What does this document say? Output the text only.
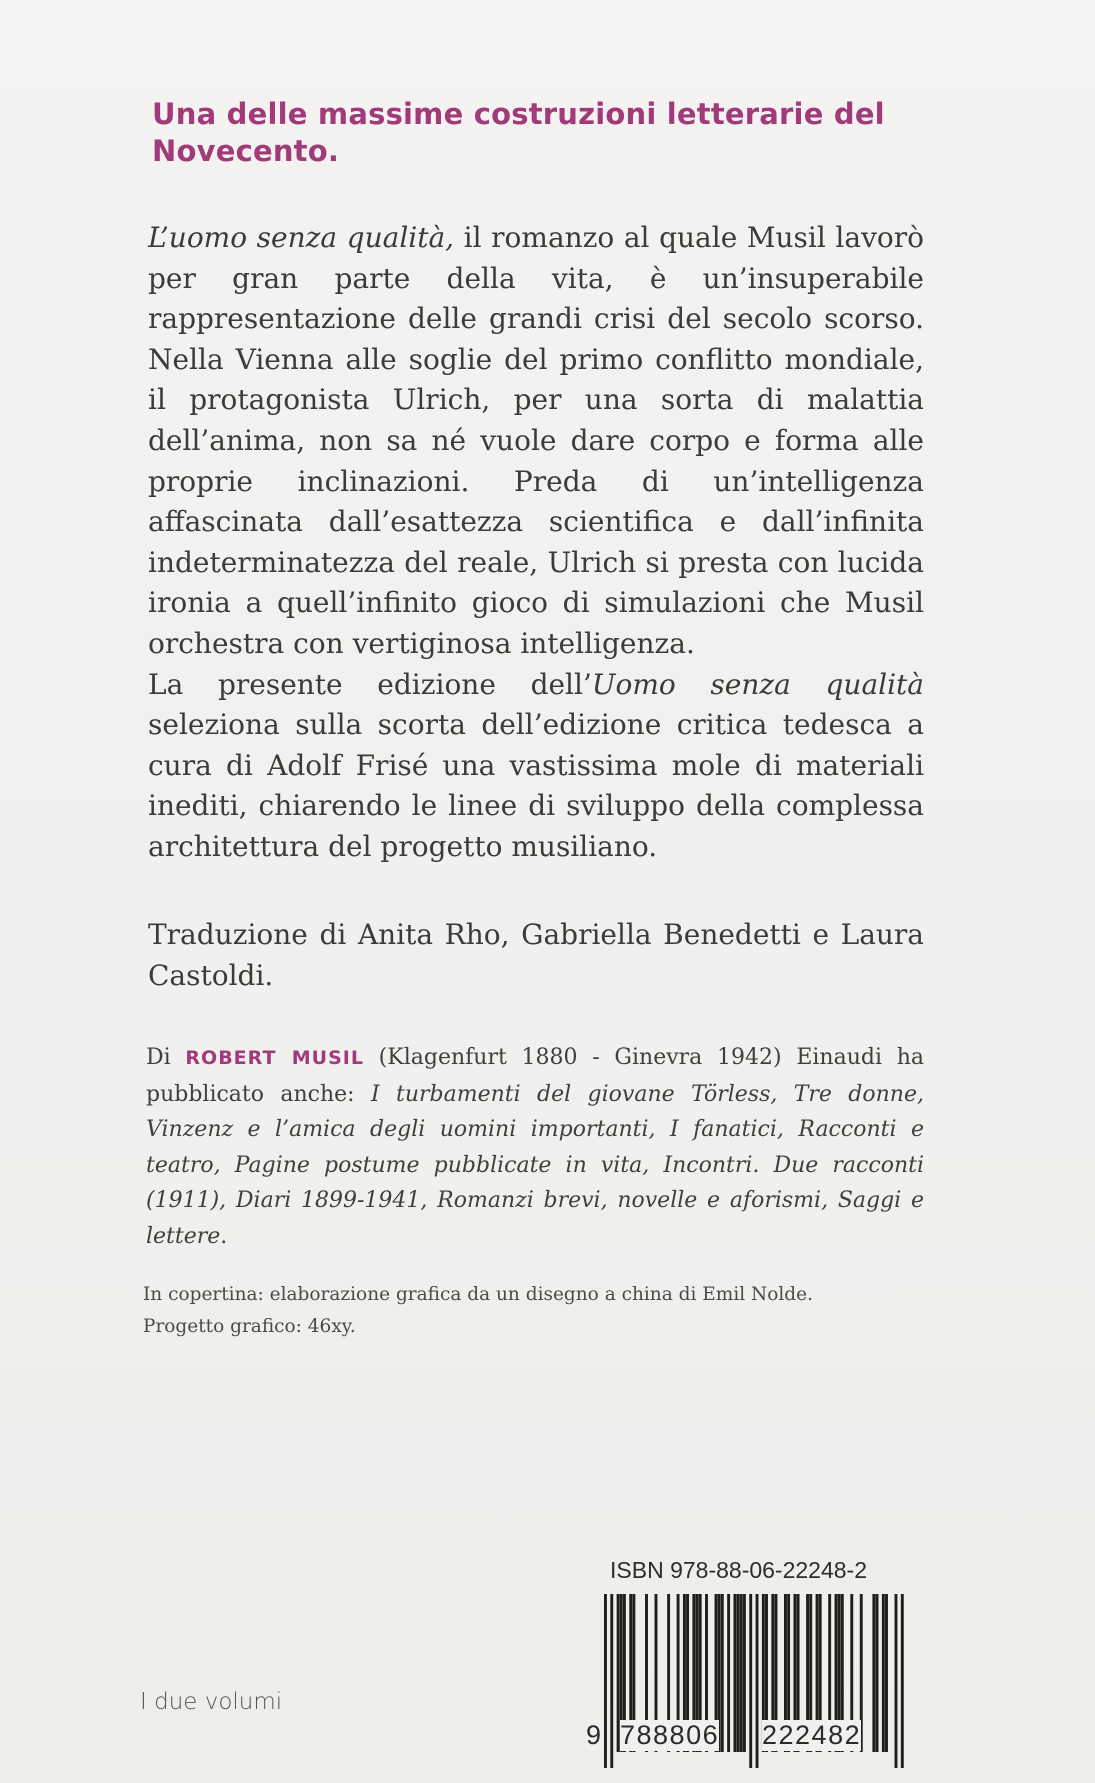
Una delle massime costruzioni letterarie del
Novecento.

L’uomo senza qualità, il romanzo al quale Musil lavorò per gran parte della vita, è un’insuperabile rappresentazione delle grandi crisi del secolo scorso. Nella Vienna alle soglie del primo conflitto mondiale, il protagonista Ulrich, per una sorta di malattia dell’anima, non sa né vuole dare corpo e forma alle proprie inclinazioni. Preda di un’intelligenza affascinata dall’esattezza scientifica e dall’infinita indeterminatezza del reale, Ulrich si presta con lucida ironia a quell’infinito gioco di simulazioni che Musil orchestra con vertiginosa intelligenza.

La presente edizione dell’Uomo senza qualità seleziona sulla scorta dell’edizione critica tedesca a cura di Adolf Frisé una vastissima mole di materiali inediti, chiarendo le linee di sviluppo della complessa architettura del progetto musiliano.

Traduzione di Anita Rho, Gabriella Benedetti e Laura Castoldi.

Di ROBERT MUSIL (Klagenfurt 1880 - Ginevra 1942) Einaudi ha pubblicato anche: I turbamenti del giovane Törless, Tre donne, Vinzenz e l’amica degli uomini importanti, I fanatici, Racconti e teatro, Pagine postume pubblicate in vita, Incontri. Due racconti (1911), Diari 1899-1941, Romanzi brevi, novelle e aforismi, Saggi e lettere.

In copertina: elaborazione grafica da un disegno a china di Emil Nolde.
Progetto grafico: 46xy.
I due volumi
ISBN 978-88-06-22248-2
9 788806 222482
